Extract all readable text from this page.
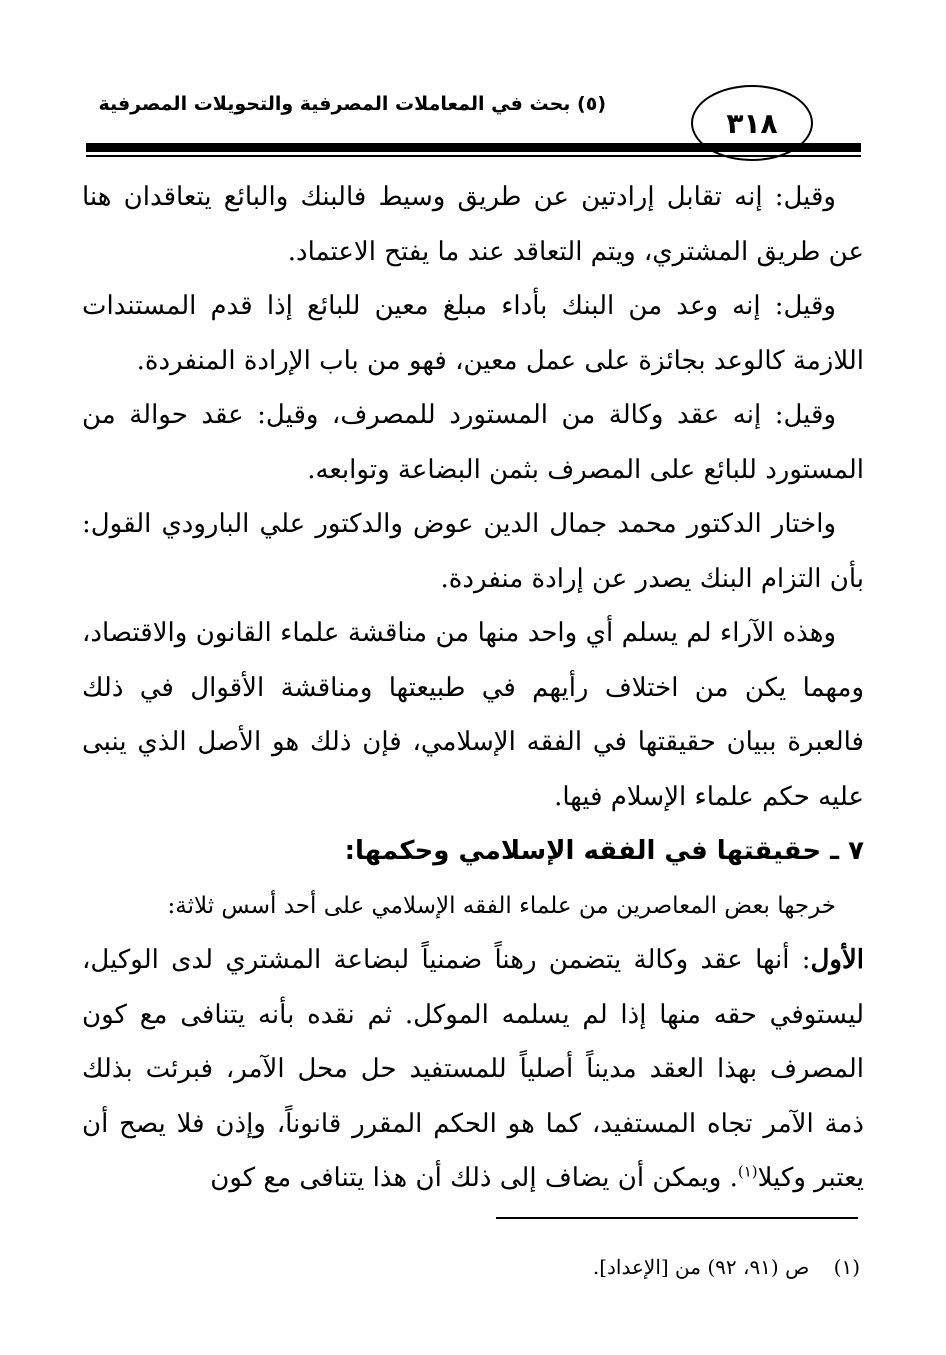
٣١٨
(٥) بحث في المعاملات المصرفية والتحويلات المصرفية

وقيل: إنه تقابل إرادتين عن طريق وسيط فالبنك والبائع يتعاقدان هنا عن طريق المشتري، ويتم التعاقد عند ما يفتح الاعتماد.

وقيل: إنه وعد من البنك بأداء مبلغ معين للبائع إذا قدم المستندات اللازمة كالوعد بجائزة على عمل معين، فهو من باب الإرادة المنفردة.

وقيل: إنه عقد وكالة من المستورد للمصرف، وقيل: عقد حوالة من المستورد للبائع على المصرف بثمن البضاعة وتوابعه.

واختار الدكتور محمد جمال الدين عوض والدكتور علي البارودي القول: بأن التزام البنك يصدر عن إرادة منفردة.

وهذه الآراء لم يسلم أي واحد منها من مناقشة علماء القانون والاقتصاد، ومهما يكن من اختلاف رأيهم في طبيعتها ومناقشة الأقوال في ذلك فالعبرة ببيان حقيقتها في الفقه الإسلامي، فإن ذلك هو الأصل الذي ينبى عليه حكم علماء الإسلام فيها.

٧ ـ حقيقتها في الفقه الإسلامي وحكمها:

خرجها بعض المعاصرين من علماء الفقه الإسلامي على أحد أسس ثلاثة:

الأول: أنها عقد وكالة يتضمن رهناً ضمنياً لبضاعة المشتري لدى الوكيل، ليستوفي حقه منها إذا لم يسلمه الموكل. ثم نقده بأنه يتنافى مع كون المصرف بهذا العقد مديناً أصلياً للمستفيد حل محل الآمر، فبرئت بذلك ذمة الآمر تجاه المستفيد، كما هو الحكم المقرر قانوناً، وإذن فلا يصح أن يعتبر وكيلا$^{(١)}$. ويمكن أن يضاف إلى ذلك أن هذا يتنافى مع كون

(١) ص (٩١، ٩٢) من [الإعداد].
